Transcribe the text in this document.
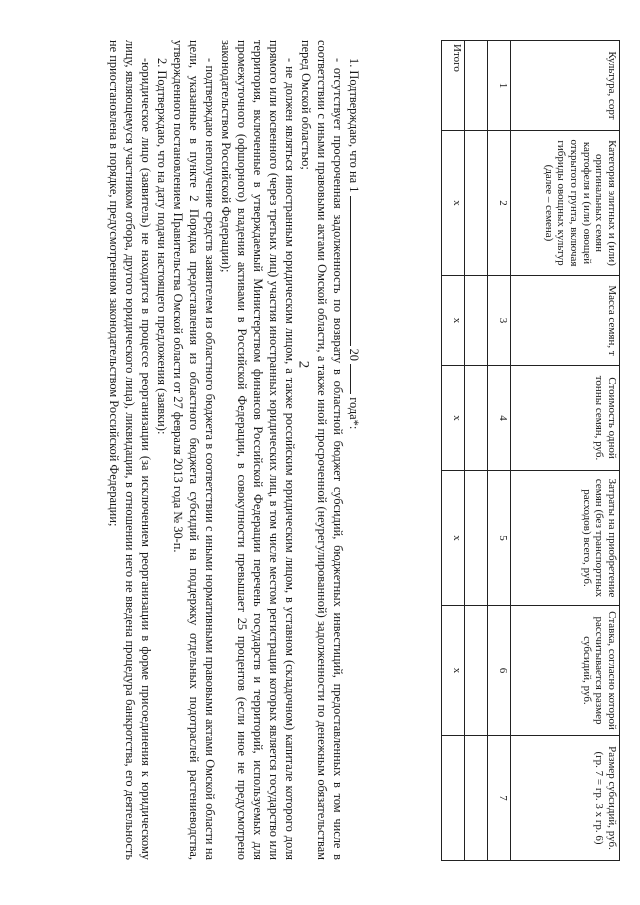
2
Культура, сорт	Категория элитных и (или) оригинальных семян картофеля и (или) овощей открытого грунта, включая гибриды овощных культур (далее – семена)	Масса семян, т	Стоимость одной тонны семян, руб.	Затраты на приобретение семян (без транспортных расходов) всего, руб.	Ставка, согласно которой рассчитывается размер субсидий, руб.	Размер субсидий, руб. (гр. 7 = гр. 3 х гр. 6)
1	2	3	4	5	6	7

Итого	х	х	х	х	х	

1. Подтверждаю, что на 1  20  года*:

- отсутствует просроченная задолженность по возврату в областной бюджет субсидий, бюджетных инвестиций, предоставленных в том числе в соответствии с иными правовыми актами Омской области, а также иной просроченной (неурегулированной) задолженности по денежным обязательствам перед Омской областью;

- не должен являться иностранным юридическим лицом, а также российским юридическим лицом, в уставном (складочном) капитале которого доля прямого или косвенного (через третьих лиц) участия иностранных юридических лиц, в том числе местом регистрации которых является государство или территория, включенные в утверждаемый Министерством финансов Российской Федерации перечень государств и территорий, используемых для промежуточного (офшорного) владения активами в Российской Федерации, в совокупности превышает 25 процентов (если иное не предусмотрено законодательством Российской Федерации);

- подтверждаю неполучение средств заявителем из областного бюджета в соответствии с иными нормативными правовыми актами Омской области на цели, указанные в пункте 2 Порядка предоставления из областного бюджета субсидий на поддержку отдельных подотраслей растениеводства, утвержденного постановлением Правительства Омской области от 27 февраля 2013 года № 30-п.

2. Подтверждаю, что на дату подачи настоящего предложения (заявки):

-юридическое лицо (заявитель) не находится в процессе реорганизации (за исключением реорганизации в форме присоединения к юридическому лицу, являющемуся участником отбора, другого юридического лица), ликвидации, в отношении него не введена процедура банкротства, его деятельность не приостановлена в порядке, предусмотренном законодательством Российской Федерации;
